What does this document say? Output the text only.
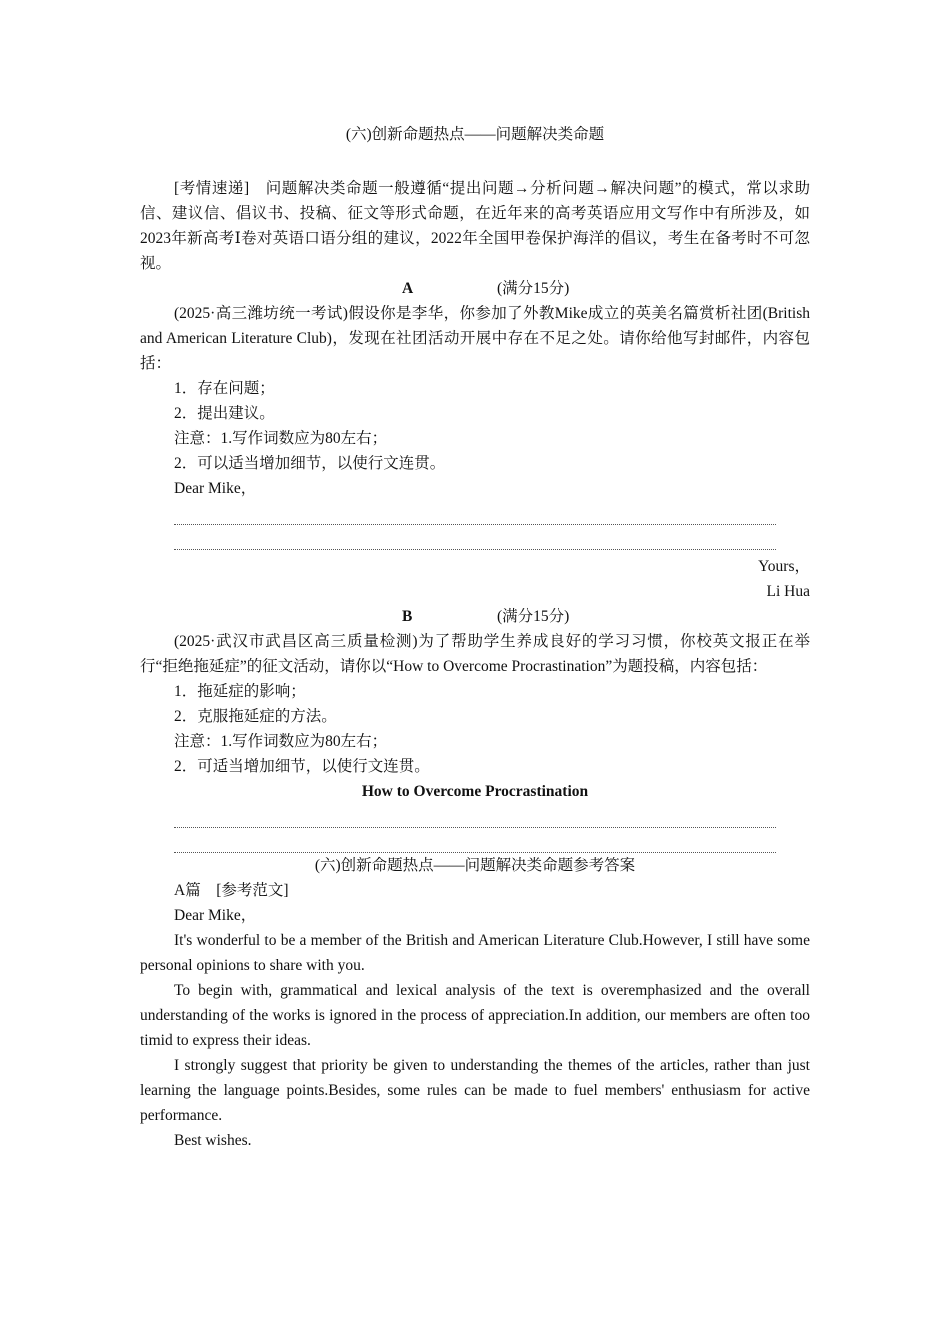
(六)创新命题热点——问题解决类命题

[考情速递]　问题解决类命题一般遵循“提出问题→分析问题→解决问题”的模式，常以求助信、建议信、倡议书、投稿、征文等形式命题，在近年来的高考英语应用文写作中有所涉及，如2023年新高考Ⅰ卷对英语口语分组的建议，2022年全国甲卷保护海洋的倡议，考生在备考时不可忽视。

A	(满分15分)

(2025·高三潍坊统一考试)假设你是李华，你参加了外教Mike成立的英美名篇赏析社团(British and American Literature Club)，发现在社团活动开展中存在不足之处。请你给他写封邮件，内容包括：

1．存在问题；

2．提出建议。

注意：1.写作词数应为80左右；

2．可以适当增加细节，以使行文连贯。

Dear Mike，

Yours，

Li Hua

B	(满分15分)

(2025·武汉市武昌区高三质量检测)为了帮助学生养成良好的学习习惯，你校英文报正在举行“拒绝拖延症”的征文活动，请你以“How to Overcome Procrastination”为题投稿，内容包括：

1．拖延症的影响；

2．克服拖延症的方法。

注意：1.写作词数应为80左右；

2．可适当增加细节，以使行文连贯。

How to Overcome Procrastination

(六)创新命题热点——问题解决类命题参考答案

A篇　[参考范文]

Dear Mike，

It's wonderful to be a member of the British and American Literature Club.However, I still have some personal opinions to share with you.

To begin with, grammatical and lexical analysis of the text is overemphasized and the overall understanding of the works is ignored in the process of appreciation.In addition, our members are often too timid to express their ideas.

I strongly suggest that priority be given to understanding the themes of the articles, rather than just learning the language points.Besides, some rules can be made to fuel members' enthusiasm for active performance.

Best wishes.
